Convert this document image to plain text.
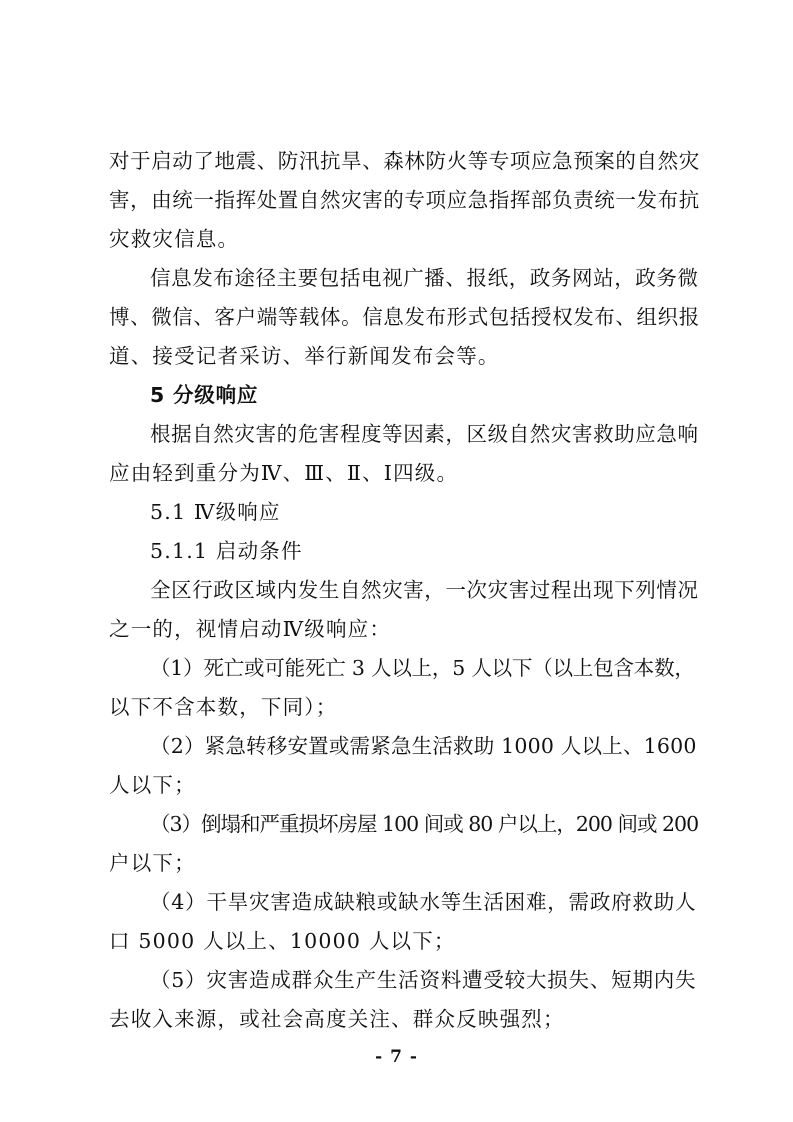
对于启动了地震、防汛抗旱、森林防火等专项应急预案的自然灾
害，由统一指挥处置自然灾害的专项应急指挥部负责统一发布抗
灾救灾信息。
信息发布途径主要包括电视广播、报纸，政务网站，政务微
博、微信、客户端等载体。信息发布形式包括授权发布、组织报
道、接受记者采访、举行新闻发布会等。
5 分级响应
根据自然灾害的危害程度等因素，区级自然灾害救助应急响
应由轻到重分为Ⅳ、Ⅲ、Ⅱ、Ⅰ四级。
5.1 Ⅳ级响应
5.1.1 启动条件
全区行政区域内发生自然灾害，一次灾害过程出现下列情况
之一的，视情启动Ⅳ级响应：
（1）死亡或可能死亡 3 人以上，5 人以下（以上包含本数，
以下不含本数，下同）；
（2）紧急转移安置或需紧急生活救助 1000 人以上、1600
人以下；
（3）倒塌和严重损坏房屋 100 间或 80 户以上，200 间或 200
户以下；
（4）干旱灾害造成缺粮或缺水等生活困难，需政府救助人
口 5000 人以上、10000 人以下；
（5）灾害造成群众生产生活资料遭受较大损失、短期内失
去收入来源，或社会高度关注、群众反映强烈；
- 7 -
